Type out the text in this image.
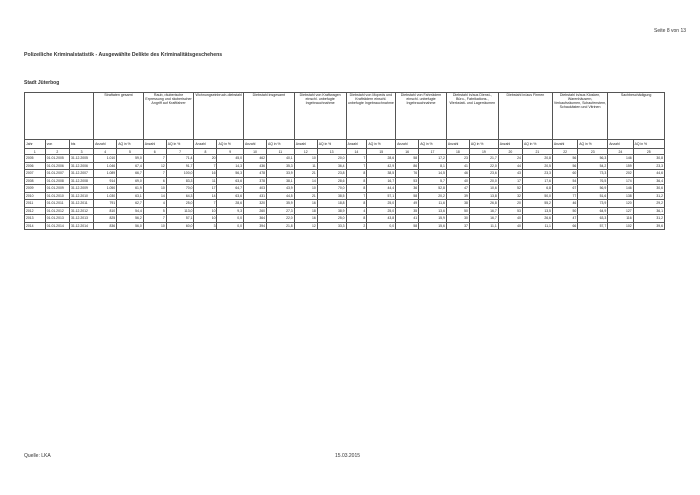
Seite 8 von 13
Polizeiliche Kriminalstatistik - Ausgewählte Delikte des Kriminalitätsgeschehens
Stadt Jüterbog
			Straftaten gesamt		Raub, räuberische Erpressung und räuberischer Angriff auf Kraftfahrer		Wohnungseinbruch-diebstahl		Diebstahl insgesamt		Diebstahl von Kraftwagen einschl. unbefugte Ingebrauchnahme		Diebstahl von Mopeds und Krafträdern einschl. unbefugte Ingebrauchnahme		Diebstahl von Fahrrädern einschl. unbefugte Ingebrauchnahme		Diebstahl in/aus Dienst-, Büro-, Fabrikations-, Werkstatt- und Lagerräumen		Diebstahl in/aus Firmen		Diebstahl in/aus Kiosken, Warenhäusern, Verkaufsräumen, Schaufenstern, Schaukästen und Vitrinen		Sachbeschädigung	
Jahr	von	bis	Anzahl	AQ in %	Anzahl	AQ in %	Anzahl	AQ in %	Anzahl	AQ in %	Anzahl	AQ in %	Anzahl	AQ in %	Anzahl	AQ in %	Anzahl	AQ in %	Anzahl	AQ in %	Anzahl	AQ in %	Anzahl	AQ in %
1	2	3	4	5	6	7	8	9	10	11	12	13	14	15	16	17	18	19	20	21	22	23	24	25
2005	01.01.2005	31.12.2005	1.010	59,0	7	71,4	20	45,0	462	40,1	10	20,0	7	28,6	58	17,2	23	21,7	24	20,8	56	56,3	146	30,8
2006	01.01.2006	31.12.2006	1.046	67,4	12	91,7	7	14,3	436	35,3	11	36,4	7	42,9	86	8,1	41	22,0	44	20,5	56	54,2	159	23,3
2007	01.01.2007	31.12.2007	1.089	66,7	7	100,0	16	56,3	478	33,9	21	23,8	8	38,5	76	14,5	46	23,6	43	23,3	60	73,3	202	44,6
2008	01.01.2008	31.12.2008	914	69,0	6	83,3	11	63,6	378	38,1	14	28,6	8	16,7	53	5,7	40	20,0	17	17,6	54	76,5	174	36,4
2009	01.01.2009	31.12.2009	1.050	61,9	10	70,0	17	64,7	403	43,9	10	70,0	8	44,4	36	52,8	47	10,6	52	6,8	67	56,9	146	30,6
2010	01.01.2010	31.12.2010	1.030	63,1	14	64,3	14	63,6	431	44,5	21	38,5	7	57,1	58	20,2	39	13,8	32	50,0	77	51,6	138	31,2
2011	01.01.2011	31.12.2011	791	62,7	4	25,0	7	28,6	320	35,9	16	18,8	8	25,0	49	11,6	38	26,8	20	55,2	46	73,9	120	29,2
2012	01.01.2012	31.12.2012	810	54,4	5	113,0	10	9,3	260	27,3	18	38,9	4	25,0	35	13,6	50	16,7	53	13,5	50	64,9	127	36,1
2013	01.01.2013	31.12.2013	825	56,2	7	57,1	10	0,0	364	22,0	16	25,0	8	43,8	41	15,9	30	16,7	40	26,6	47	63,3	116	31,2
2014	01.01.2014	31.12.2014	836	56,0	10	60,0	3	0,0	394	21,8	12	33,3	2	0,0	58	15,6	37	11,1	40	11,1	66	57,7	102	39,6
Quelle: LKA	15.03.2015
